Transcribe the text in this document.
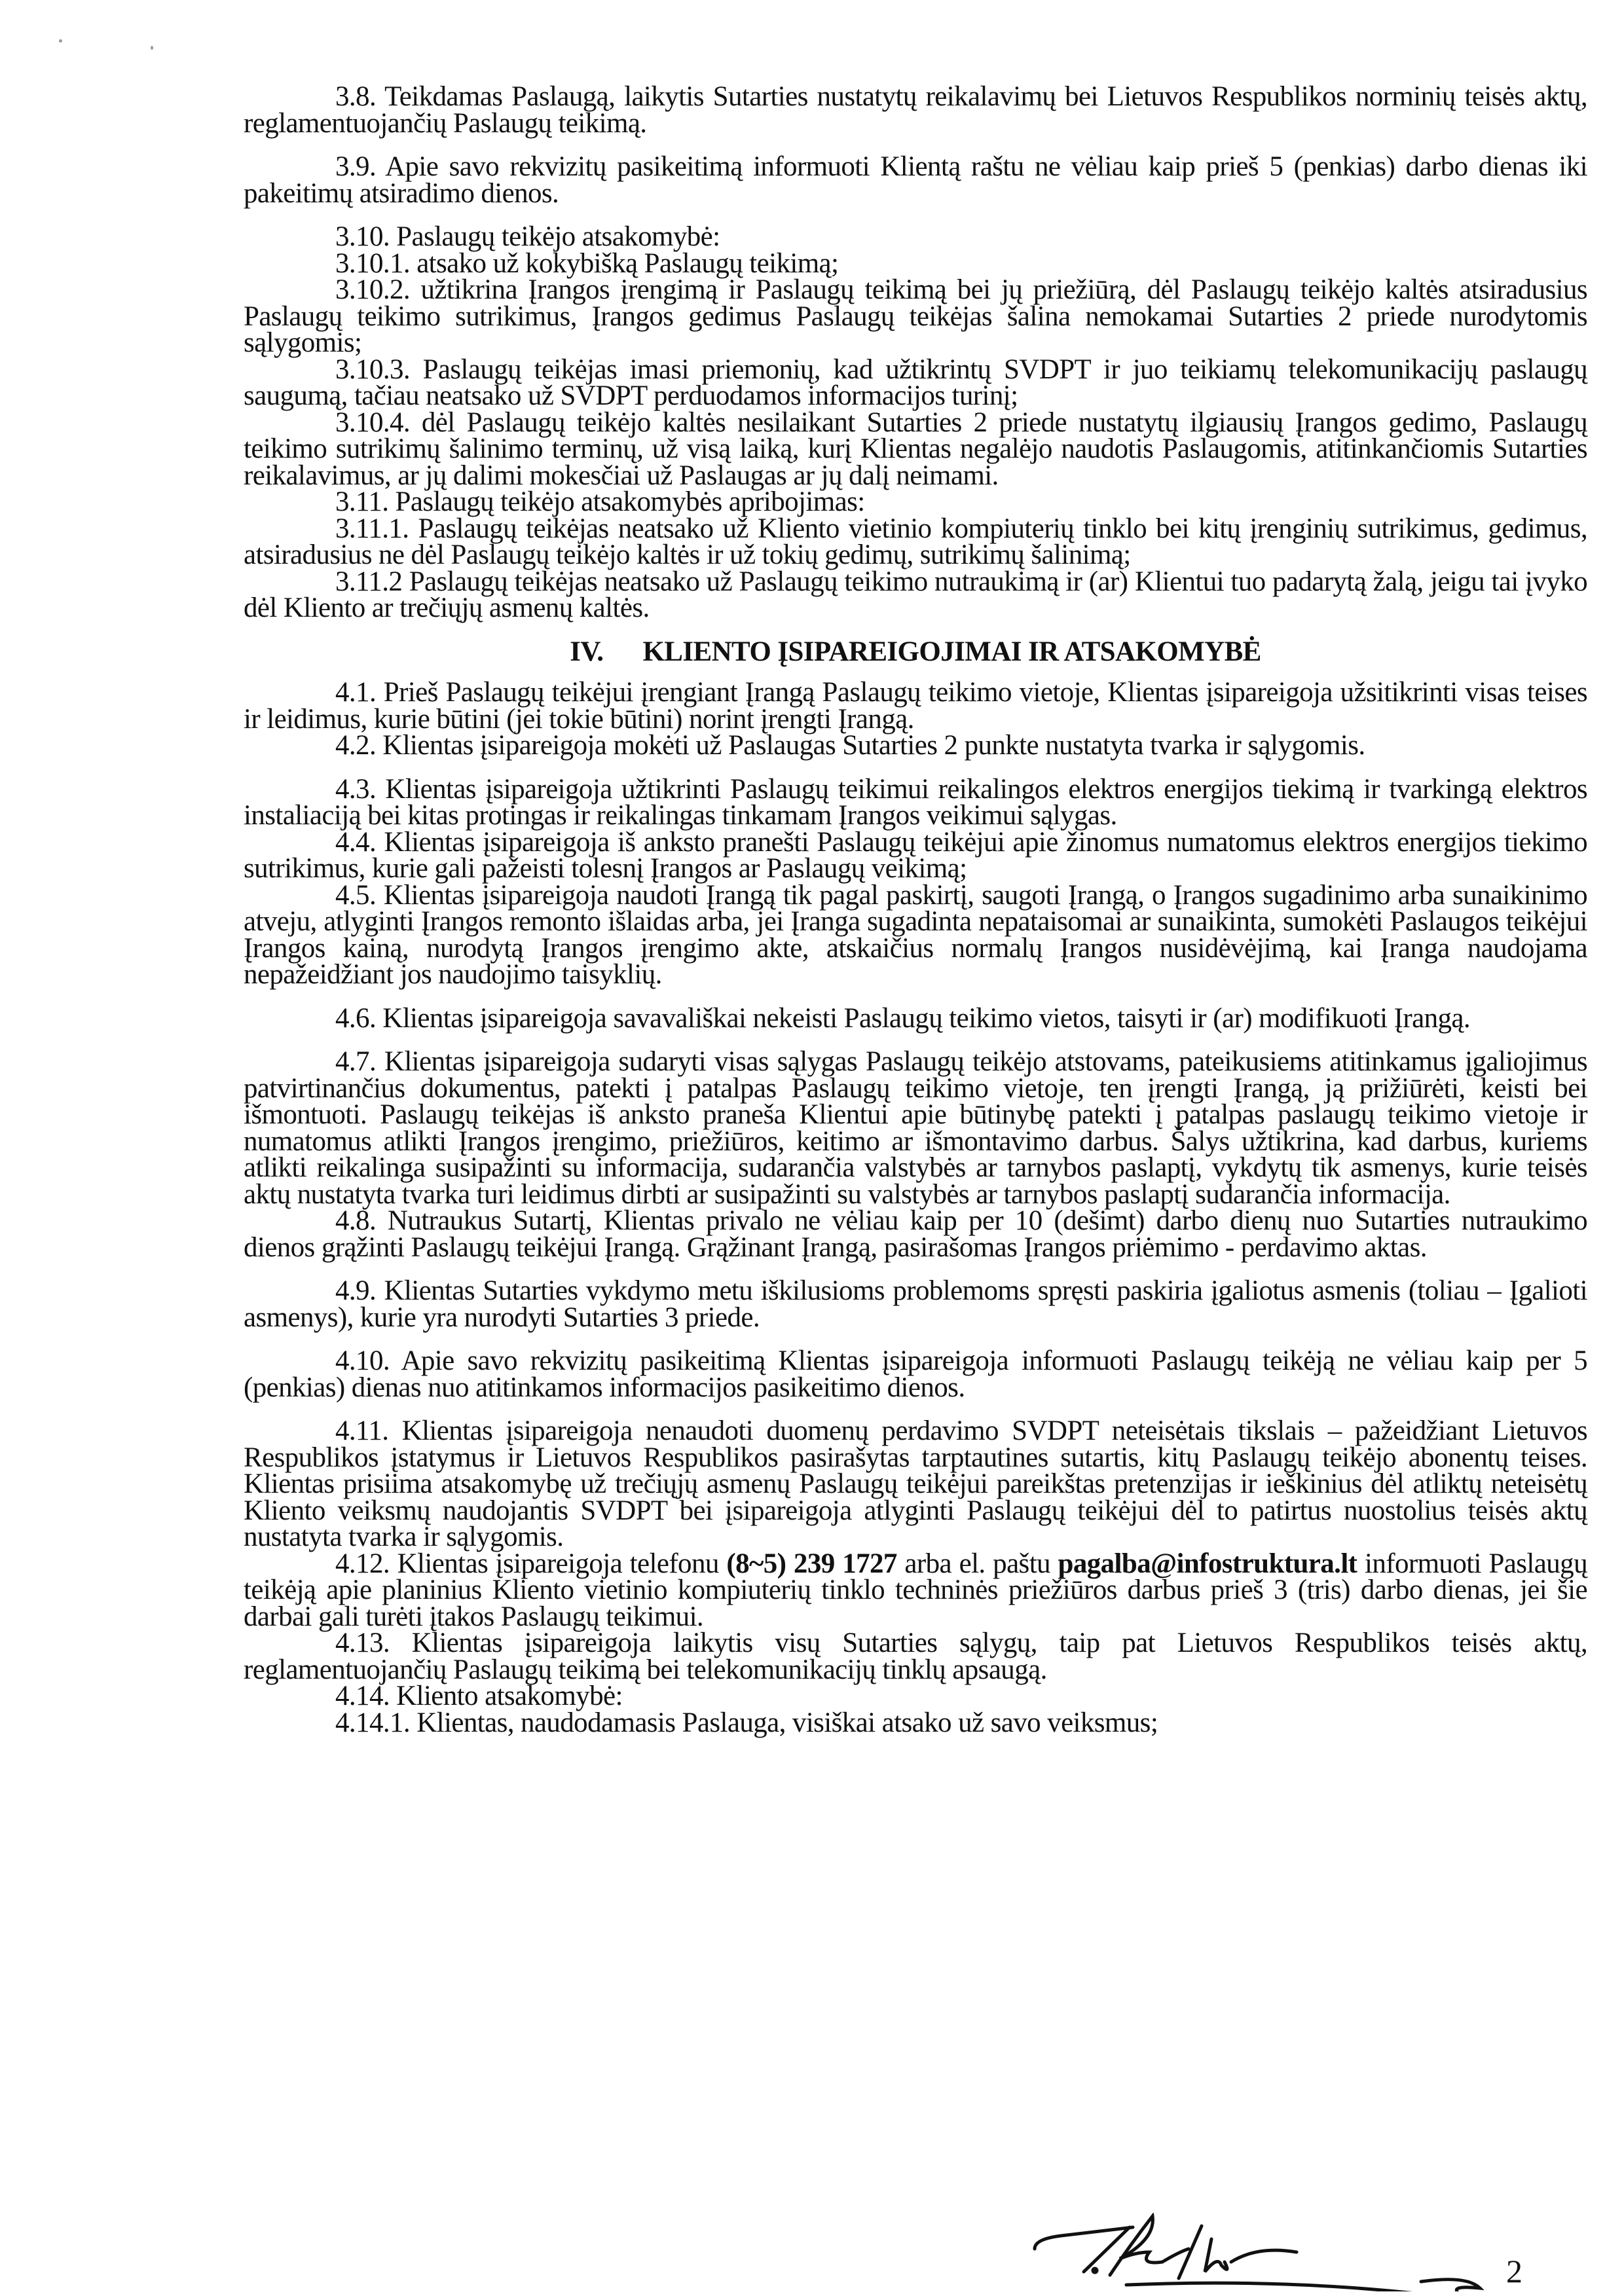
3.8. Teikdamas Paslaugą, laikytis Sutarties nustatytų reikalavimų bei Lietuvos Respublikos norminių teisės aktų, reglamentuojančių Paslaugų teikimą.

3.9. Apie savo rekvizitų pasikeitimą informuoti Klientą raštu ne vėliau kaip prieš 5 (penkias) darbo dienas iki pakeitimų atsiradimo dienos.

3.10. Paslaugų teikėjo atsakomybė:

3.10.1. atsako už kokybišką Paslaugų teikimą;

3.10.2. užtikrina Įrangos įrengimą ir Paslaugų teikimą bei jų priežiūrą, dėl Paslaugų teikėjo kaltės atsiradusius Paslaugų teikimo sutrikimus, Įrangos gedimus Paslaugų teikėjas šalina nemokamai Sutarties 2 priede nurodytomis sąlygomis;

3.10.3. Paslaugų teikėjas imasi priemonių, kad užtikrintų SVDPT ir juo teikiamų telekomunikacijų paslaugų saugumą, tačiau neatsako už SVDPT perduodamos informacijos turinį;

3.10.4. dėl Paslaugų teikėjo kaltės nesilaikant Sutarties 2 priede nustatytų ilgiausių Įrangos gedimo, Paslaugų teikimo sutrikimų šalinimo terminų, už visą laiką, kurį Klientas negalėjo naudotis Paslaugomis, atitinkančiomis Sutarties reikalavimus, ar jų dalimi mokesčiai už Paslaugas ar jų dalį neimami.

3.11. Paslaugų teikėjo atsakomybės apribojimas:

3.11.1. Paslaugų teikėjas neatsako už Kliento vietinio kompiuterių tinklo bei kitų įrenginių sutrikimus, gedimus, atsiradusius ne dėl Paslaugų teikėjo kaltės ir už tokių gedimų, sutrikimų šalinimą;

3.11.2 Paslaugų teikėjas neatsako už Paslaugų teikimo nutraukimą ir (ar) Klientui tuo padarytą žalą, jeigu tai įvyko dėl Kliento ar trečiųjų asmenų kaltės.

IV. KLIENTO ĮSIPAREIGOJIMAI IR ATSAKOMYBĖ

4.1. Prieš Paslaugų teikėjui įrengiant Įrangą Paslaugų teikimo vietoje, Klientas įsipareigoja užsitikrinti visas teises ir leidimus, kurie būtini (jei tokie būtini) norint įrengti Įrangą.

4.2. Klientas įsipareigoja mokėti už Paslaugas Sutarties 2 punkte nustatyta tvarka ir sąlygomis.

4.3. Klientas įsipareigoja užtikrinti Paslaugų teikimui reikalingos elektros energijos tiekimą ir tvarkingą elektros instaliaciją bei kitas protingas ir reikalingas tinkamam Įrangos veikimui sąlygas.

4.4. Klientas įsipareigoja iš anksto pranešti Paslaugų teikėjui apie žinomus numatomus elektros energijos tiekimo sutrikimus, kurie gali pažeisti tolesnį Įrangos ar Paslaugų veikimą;

4.5. Klientas įsipareigoja naudoti Įrangą tik pagal paskirtį, saugoti Įrangą, o Įrangos sugadinimo arba sunaikinimo atveju, atlyginti Įrangos remonto išlaidas arba, jei Įranga sugadinta nepataisomai ar sunaikinta, sumokėti Paslaugos teikėjui Įrangos kainą, nurodytą Įrangos įrengimo akte, atskaičius normalų Įrangos nusidėvėjimą, kai Įranga naudojama nepažeidžiant jos naudojimo taisyklių.

4.6. Klientas įsipareigoja savavališkai nekeisti Paslaugų teikimo vietos, taisyti ir (ar) modifikuoti Įrangą.

4.7. Klientas įsipareigoja sudaryti visas sąlygas Paslaugų teikėjo atstovams, pateikusiems atitinkamus įgaliojimus patvirtinančius dokumentus, patekti į patalpas Paslaugų teikimo vietoje, ten įrengti Įrangą, ją prižiūrėti, keisti bei išmontuoti. Paslaugų teikėjas iš anksto praneša Klientui apie būtinybę patekti į patalpas paslaugų teikimo vietoje ir numatomus atlikti Įrangos įrengimo, priežiūros, keitimo ar išmontavimo darbus. Šalys užtikrina, kad darbus, kuriems atlikti reikalinga susipažinti su informacija, sudarančia valstybės ar tarnybos paslaptį, vykdytų tik asmenys, kurie teisės aktų nustatyta tvarka turi leidimus dirbti ar susipažinti su valstybės ar tarnybos paslaptį sudarančia informacija.

4.8. Nutraukus Sutartį, Klientas privalo ne vėliau kaip per 10 (dešimt) darbo dienų nuo Sutarties nutraukimo dienos grąžinti Paslaugų teikėjui Įrangą. Grąžinant Įrangą, pasirašomas Įrangos priėmimo - perdavimo aktas.

4.9. Klientas Sutarties vykdymo metu iškilusioms problemoms spręsti paskiria įgaliotus asmenis (toliau – Įgalioti asmenys), kurie yra nurodyti Sutarties 3 priede.

4.10. Apie savo rekvizitų pasikeitimą Klientas įsipareigoja informuoti Paslaugų teikėją ne vėliau kaip per 5 (penkias) dienas nuo atitinkamos informacijos pasikeitimo dienos.

4.11. Klientas įsipareigoja nenaudoti duomenų perdavimo SVDPT neteisėtais tikslais – pažeidžiant Lietuvos Respublikos įstatymus ir Lietuvos Respublikos pasirašytas tarptautines sutartis, kitų Paslaugų teikėjo abonentų teises. Klientas prisiima atsakomybę už trečiųjų asmenų Paslaugų teikėjui pareikštas pretenzijas ir ieškinius dėl atliktų neteisėtų Kliento veiksmų naudojantis SVDPT bei įsipareigoja atlyginti Paslaugų teikėjui dėl to patirtus nuostolius teisės aktų nustatyta tvarka ir sąlygomis.

4.12. Klientas įsipareigoja telefonu (8~5) 239 1727 arba el. paštu pagalba@infostruktura.lt informuoti Paslaugų teikėją apie planinius Kliento vietinio kompiuterių tinklo techninės priežiūros darbus prieš 3 (tris) darbo dienas, jei šie darbai gali turėti įtakos Paslaugų teikimui.

4.13. Klientas įsipareigoja laikytis visų Sutarties sąlygų, taip pat Lietuvos Respublikos teisės aktų, reglamentuojančių Paslaugų teikimą bei telekomunikacijų tinklų apsaugą.

4.14. Kliento atsakomybė:

4.14.1. Klientas, naudodamasis Paslauga, visiškai atsako už savo veiksmus;

2
